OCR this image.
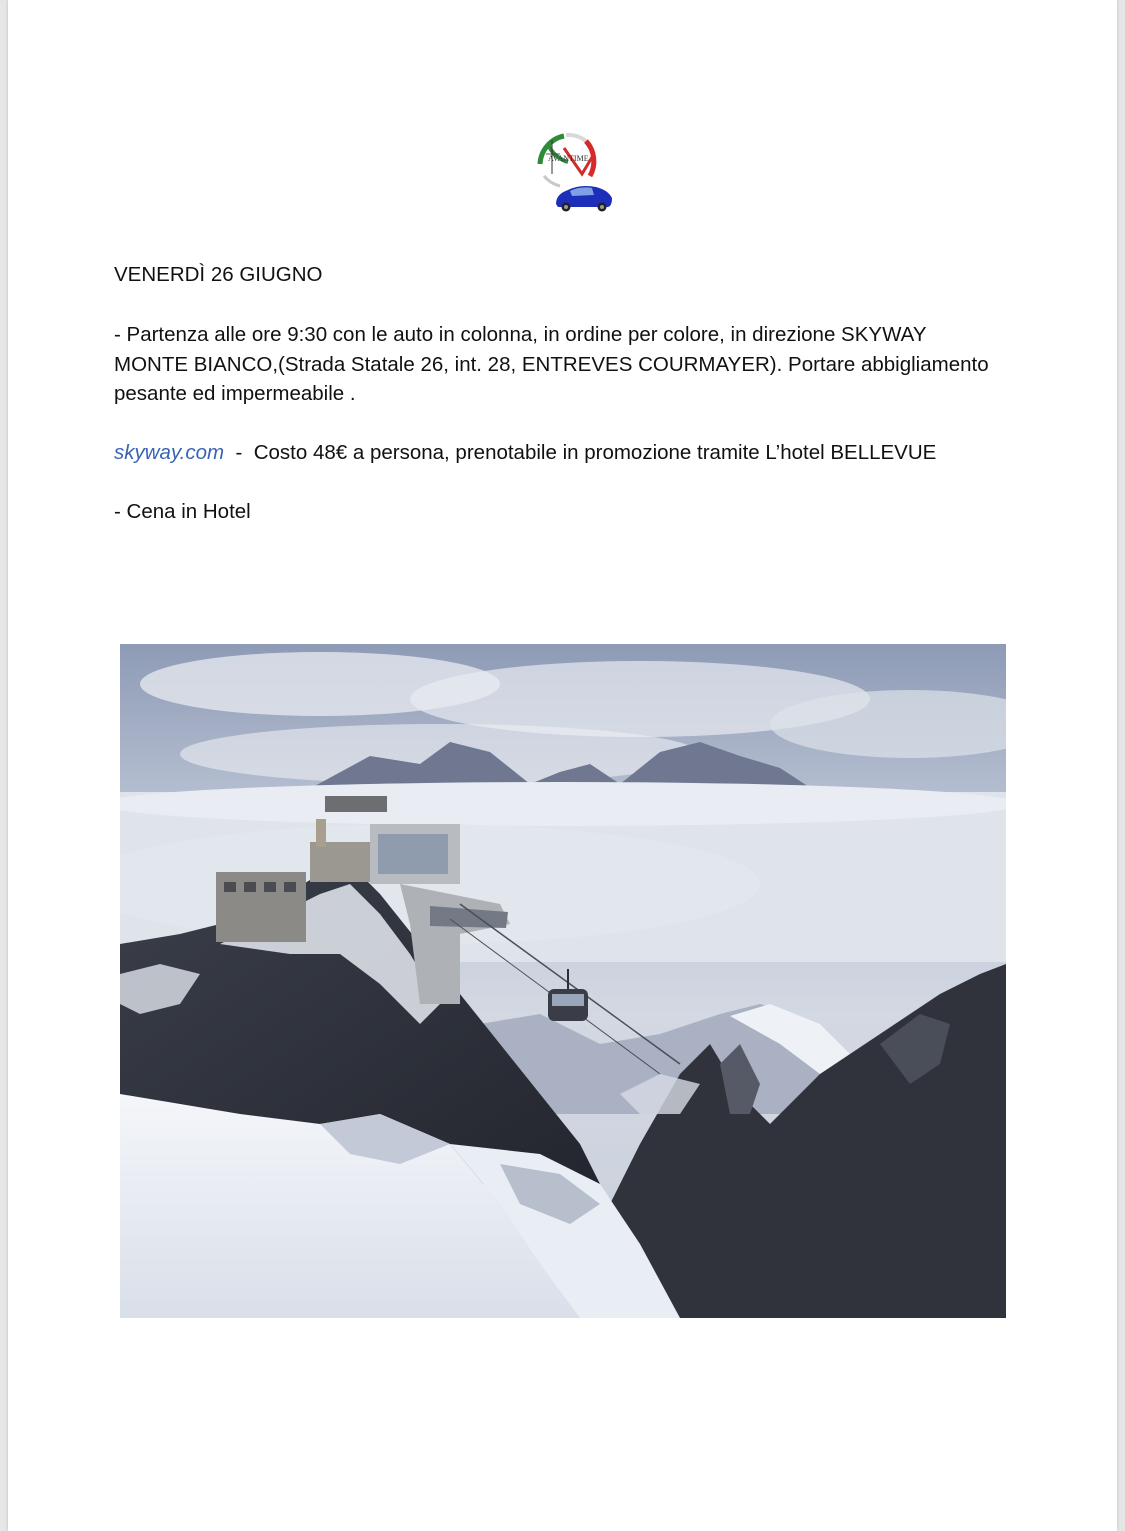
AVANTIME
VENERDÌ 26 GIUGNO
- Partenza alle ore 9:30 con le auto in colonna, in ordine per colore, in direzione SKYWAY MONTE BIANCO,(Strada Statale 26, int. 28, ENTREVES COURMAYER). Portare abbigliamento pesante ed impermeabile .
skyway.com  -  Costo 48€ a persona, prenotabile in promozione tramite L’hotel BELLEVUE
- Cena in Hotel
